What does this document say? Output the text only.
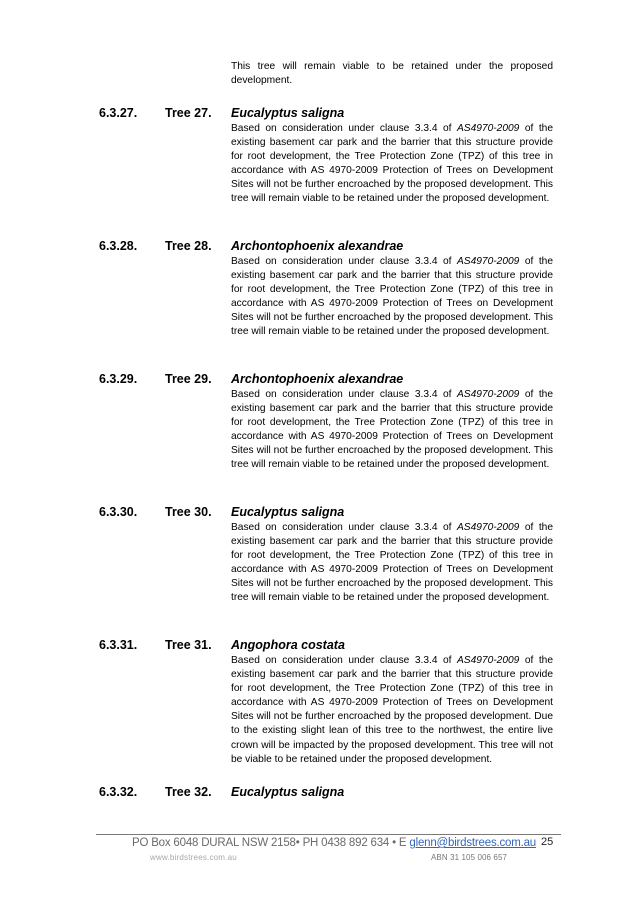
This tree will remain viable to be retained under the proposed development.
6.3.27. Tree 27. Eucalyptus saligna
Based on consideration under clause 3.3.4 of AS4970-2009 of the existing basement car park and the barrier that this structure provide for root development, the Tree Protection Zone (TPZ) of this tree in accordance with AS 4970-2009 Protection of Trees on Development Sites will not be further encroached by the proposed development. This tree will remain viable to be retained under the proposed development.
6.3.28. Tree 28. Archontophoenix alexandrae
Based on consideration under clause 3.3.4 of AS4970-2009 of the existing basement car park and the barrier that this structure provide for root development, the Tree Protection Zone (TPZ) of this tree in accordance with AS 4970-2009 Protection of Trees on Development Sites will not be further encroached by the proposed development. This tree will remain viable to be retained under the proposed development.
6.3.29. Tree 29. Archontophoenix alexandrae
Based on consideration under clause 3.3.4 of AS4970-2009 of the existing basement car park and the barrier that this structure provide for root development, the Tree Protection Zone (TPZ) of this tree in accordance with AS 4970-2009 Protection of Trees on Development Sites will not be further encroached by the proposed development. This tree will remain viable to be retained under the proposed development.
6.3.30. Tree 30. Eucalyptus saligna
Based on consideration under clause 3.3.4 of AS4970-2009 of the existing basement car park and the barrier that this structure provide for root development, the Tree Protection Zone (TPZ) of this tree in accordance with AS 4970-2009 Protection of Trees on Development Sites will not be further encroached by the proposed development. This tree will remain viable to be retained under the proposed development.
6.3.31. Tree 31. Angophora costata
Based on consideration under clause 3.3.4 of AS4970-2009 of the existing basement car park and the barrier that this structure provide for root development, the Tree Protection Zone (TPZ) of this tree in accordance with AS 4970-2009 Protection of Trees on Development Sites will not be further encroached by the proposed development. Due to the existing slight lean of this tree to the northwest, the entire live crown will be impacted by the proposed development. This tree will not be viable to be retained under the proposed development.
6.3.32. Tree 32. Eucalyptus saligna
PO Box 6048 DURAL NSW 2158• PH 0438 892 634 • E glenn@birdstrees.com.au 25
www.birdstrees.com.au	ABN 31 105 006 657
